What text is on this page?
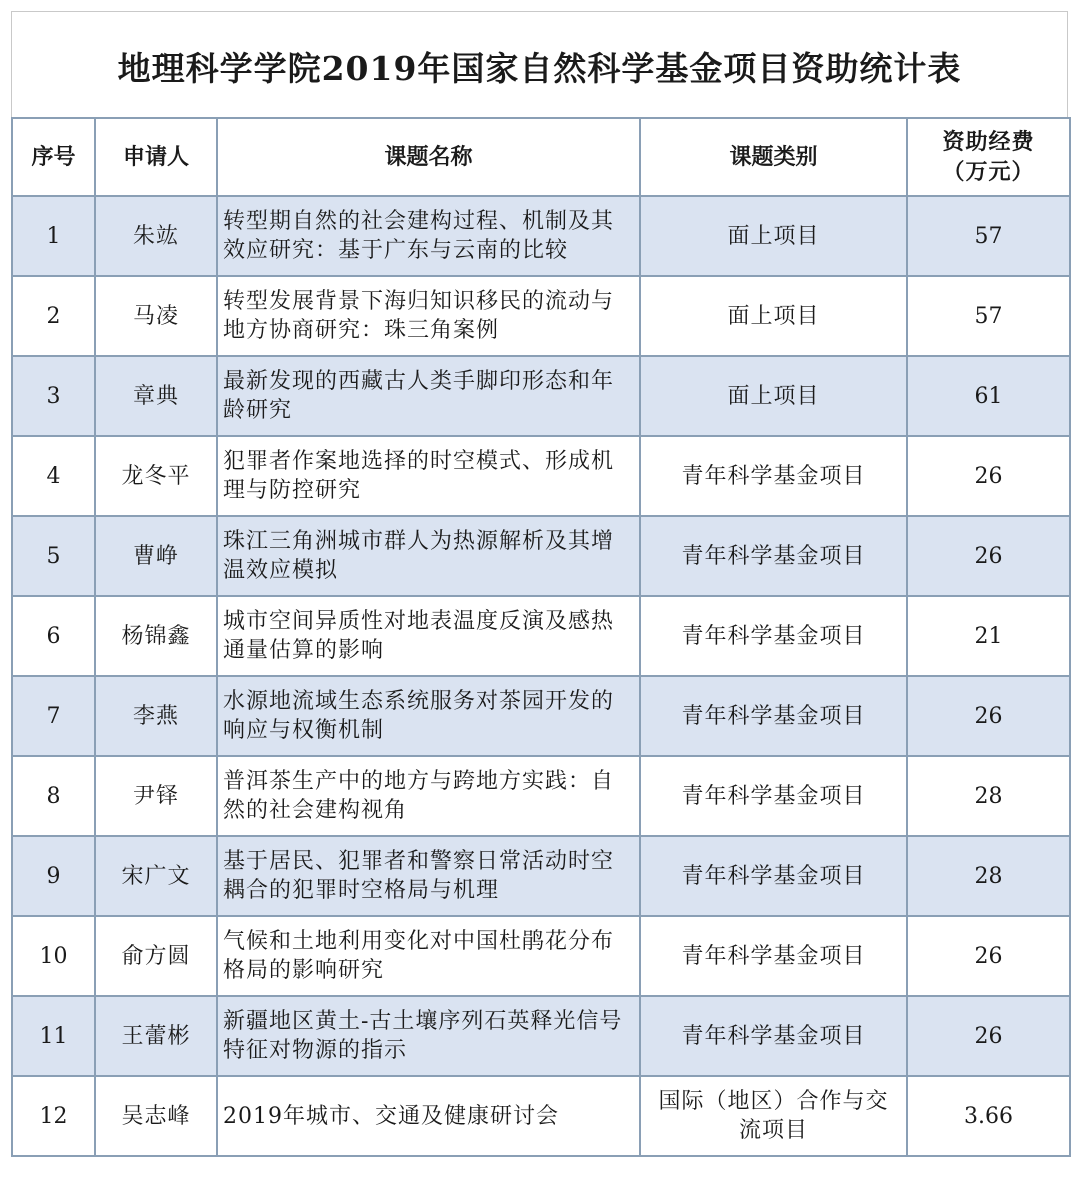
地理科学学院2019年国家自然科学基金项目资助统计表
序号	申请人	课题名称	课题类别	资助经费
（万元）

1	朱竑	转型期自然的社会建构过程、机制及其效应研究：基于广东与云南的比较	面上项目	57
2	马凌	转型发展背景下海归知识移民的流动与地方协商研究：珠三角案例	面上项目	57
3	章典	最新发现的西藏古人类手脚印形态和年龄研究	面上项目	61
4	龙冬平	犯罪者作案地选择的时空模式、形成机理与防控研究	青年科学基金项目	26
5	曹峥	珠江三角洲城市群人为热源解析及其增温效应模拟	青年科学基金项目	26
6	杨锦鑫	城市空间异质性对地表温度反演及感热通量估算的影响	青年科学基金项目	21
7	李燕	水源地流域生态系统服务对茶园开发的响应与权衡机制	青年科学基金项目	26
8	尹铎	普洱茶生产中的地方与跨地方实践：自然的社会建构视角	青年科学基金项目	28
9	宋广文	基于居民、犯罪者和警察日常活动时空耦合的犯罪时空格局与机理	青年科学基金项目	28
10	俞方圆	气候和土地利用变化对中国杜鹃花分布格局的影响研究	青年科学基金项目	26
11	王蕾彬	新疆地区黄土-古土壤序列石英释光信号特征对物源的指示	青年科学基金项目	26
12	吴志峰	2019年城市、交通及健康研讨会	国际（地区）合作与交流项目	3.66
